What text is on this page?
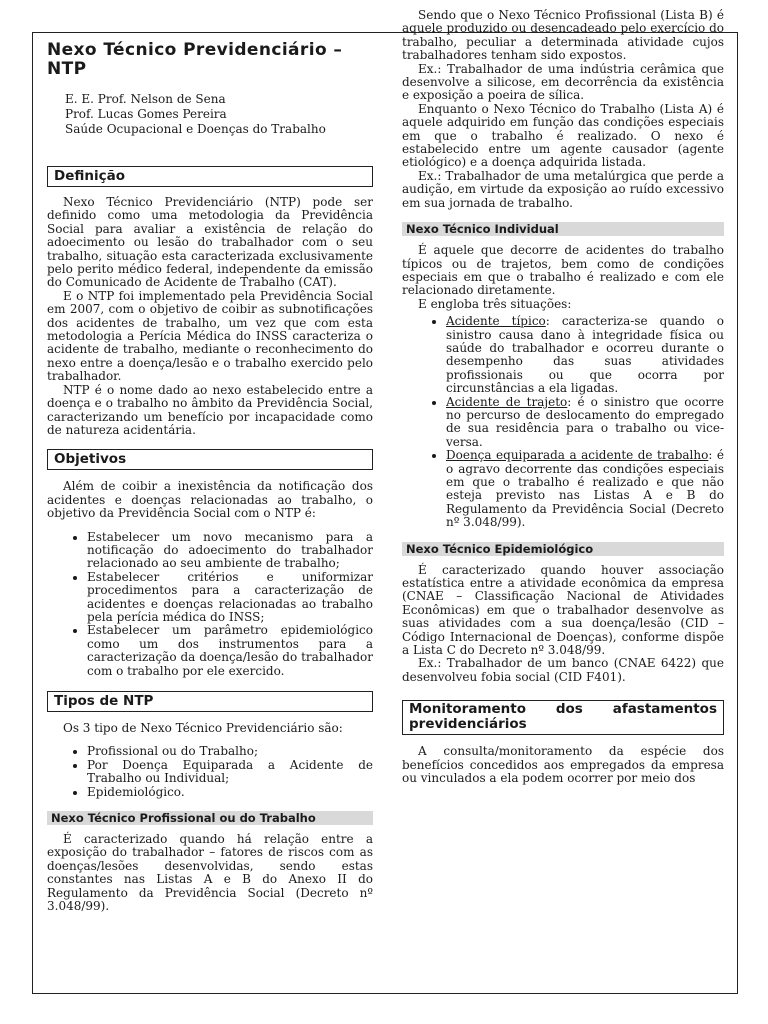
Nexo Técnico Previdenciário – NTP
E. E. Prof. Nelson de Sena
Prof. Lucas Gomes Pereira
Saúde Ocupacional e Doenças do Trabalho
Definição

Nexo Técnico Previdenciário (NTP) pode ser definido como uma metodologia da Previdência Social para avaliar a existência de relação do adoecimento ou lesão do trabalhador com o seu trabalho, situação esta caracterizada exclusivamente pelo perito médico federal, independente da emissão do Comunicado de Acidente de Trabalho (CAT).

E o NTP foi implementado pela Previdência Social em 2007, com o objetivo de coibir as subnotificações dos acidentes de trabalho, um vez que com esta metodologia a Perícia Médica do INSS caracteriza o acidente de trabalho, mediante o reconhecimento do nexo entre a doença/lesão e o trabalho exercido pelo trabalhador.

NTP é o nome dado ao nexo estabelecido entre a doença e o trabalho no âmbito da Previdência Social, caracterizando um benefício por incapacidade como de natureza acidentária.

Objetivos

Além de coibir a inexistência da notificação dos acidentes e doenças relacionadas ao trabalho, o objetivo da Previdência Social com o NTP é:

• Estabelecer um novo mecanismo para a notificação do adoecimento do trabalhador relacionado ao seu ambiente de trabalho;
• Estabelecer critérios e uniformizar procedimentos para a caracterização de acidentes e doenças relacionadas ao trabalho pela perícia médica do INSS;
• Estabelecer um parâmetro epidemiológico como um dos instrumentos para a caracterização da doença/lesão do trabalhador com o trabalho por ele exercido.
Tipos de NTP

Os 3 tipo de Nexo Técnico Previdenciário são:

• Profissional ou do Trabalho;
• Por Doença Equiparada a Acidente de Trabalho ou Individual;
• Epidemiológico.
Nexo Técnico Profissional ou do Trabalho

É caracterizado quando há relação entre a exposição do trabalhador – fatores de riscos com as doenças/lesões desenvolvidas, sendo estas constantes nas Listas A e B do Anexo II do Regulamento da Previdência Social (Decreto nº 3.048/99).

Sendo que o Nexo Técnico Profissional (Lista B) é aquele produzido ou desencadeado pelo exercício do trabalho, peculiar a determinada atividade cujos trabalhadores tenham sido expostos.

Ex.: Trabalhador de uma indústria cerâmica que desenvolve a silicose, em decorrência da existência e exposição a poeira de sílica.

Enquanto o Nexo Técnico do Trabalho (Lista A) é aquele adquirido em função das condições especiais em que o trabalho é realizado. O nexo é estabelecido entre um agente causador (agente etiológico) e a doença adquirida listada.

Ex.: Trabalhador de uma metalúrgica que perde a audição, em virtude da exposição ao ruído excessivo em sua jornada de trabalho.

Nexo Técnico Individual

É aquele que decorre de acidentes do trabalho típicos ou de trajetos, bem como de condições especiais em que o trabalho é realizado e com ele relacionado diretamente.

E engloba três situações:

• Acidente típico: caracteriza-se quando o sinistro causa dano à integridade física ou saúde do trabalhador e ocorreu durante o desempenho das suas atividades profissionais ou que ocorra por circunstâncias a ela ligadas.
• Acidente de trajeto: é o sinistro que ocorre no percurso de deslocamento do empregado de sua residência para o trabalho ou vice-versa.
• Doença equiparada a acidente de trabalho: é o agravo decorrente das condições especiais em que o trabalho é realizado e que não esteja previsto nas Listas A e B do Regulamento da Previdência Social (Decreto nº 3.048/99).
Nexo Técnico Epidemiológico

É caracterizado quando houver associação estatística entre a atividade econômica da empresa (CNAE – Classificação Nacional de Atividades Econômicas) em que o trabalhador desenvolve as suas atividades com a sua doença/lesão (CID – Código Internacional de Doenças), conforme dispõe a Lista C do Decreto nº 3.048/99.

Ex.: Trabalhador de um banco (CNAE 6422) que desenvolveu fobia social (CID F401).

Monitoramento dos afastamentos previdenciários

A consulta/monitoramento da espécie dos benefícios concedidos aos empregados da empresa ou vinculados a ela podem ocorrer por meio dos
